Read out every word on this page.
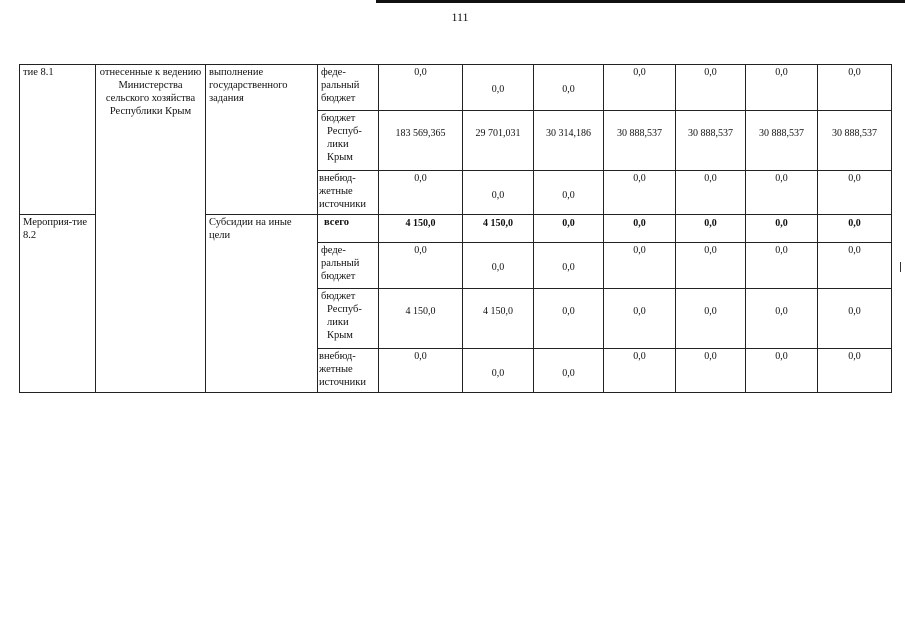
111
тие 8.1	отнесенные к ведению Министерства сельского хозяйства Республики Крым	выполнение государственного задания	феде-
ральный
бюджет	0,0	0,0	0,0	0,0	0,0	0,0	0,0

			бюджет
Респуб- лики
Крым	183 569,365	29 701,031	30 314,186	30 888,537	30 888,537	30 888,537	30 888,537

			внебюд-
жетные
источники	0,0	0,0	0,0	0,0	0,0	0,0	0,0
Мероприя-тие 8.2		Субсидии на иные цели	всего	4 150,0	4 150,0	0,0	0,0	0,0	0,0	0,0

			феде-
ральный
бюджет	0,0	0,0	0,0	0,0	0,0	0,0	0,0

			бюджет
Респуб- лики
Крым	4 150,0	4 150,0	0,0	0,0	0,0	0,0	0,0

			внебюд-
жетные
источники	0,0	0,0	0,0	0,0	0,0	0,0	0,0
